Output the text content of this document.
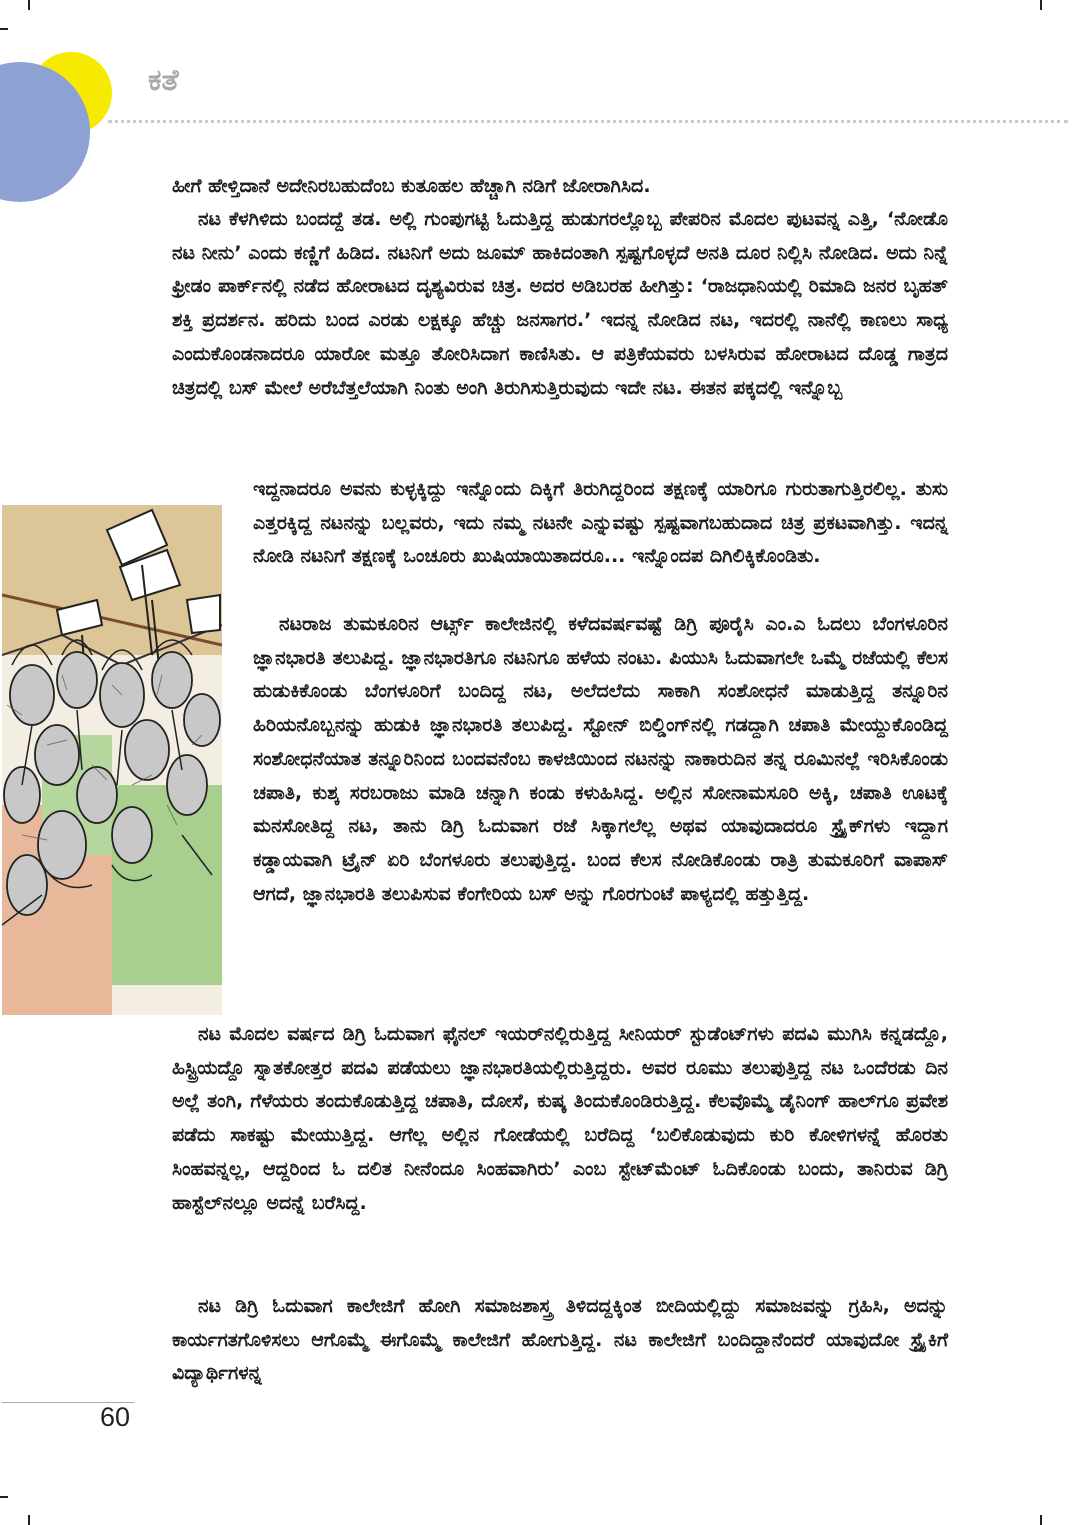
ಕತೆ

ಹೀಗೆ ಹೇಳ್ತಿದಾನೆ ಅದೇನಿರಬಹುದೆಂಬ ಕುತೂಹಲ ಹೆಚ್ಚಾಗಿ ನಡಿಗೆ ಜೋರಾಗಿಸಿದ.

ನಟ ಕೆಳಗಿಳಿದು ಬಂದದ್ದೆ ತಡ. ಅಲ್ಲಿ ಗುಂಪುಗಟ್ಟಿ ಓದುತ್ತಿದ್ದ ಹುಡುಗರಲ್ಲೊಬ್ಬ ಪೇಪರಿನ ಮೊದಲ ಪುಟವನ್ನ ಎತ್ತಿ, ‘ನೋಡೊ ನಟ ನೀನು’ ಎಂದು ಕಣ್ಣಿಗೆ ಹಿಡಿದ. ನಟನಿಗೆ ಅದು ಜೂಮ್ ಹಾಕಿದಂತಾಗಿ ಸ್ಪಷ್ಟಗೊಳ್ಳದೆ ಅನತಿ ದೂರ ನಿಲ್ಲಿಸಿ ನೋಡಿದ. ಅದು ನಿನ್ನೆ ಫ್ರೀಡಂ ಪಾರ್ಕ್‌ನಲ್ಲಿ ನಡೆದ ಹೋರಾಟದ ದೃಶ್ಯವಿರುವ ಚಿತ್ರ. ಅದರ ಅಡಿಬರಹ ಹೀಗಿತ್ತು: ‘ರಾಜಧಾನಿಯಲ್ಲಿ ರಿಮಾದಿ ಜನರ ಬೃಹತ್ ಶಕ್ತಿ ಪ್ರದರ್ಶನ. ಹರಿದು ಬಂದ ಎರಡು ಲಕ್ಷಕ್ಕೂ ಹೆಚ್ಚು ಜನಸಾಗರ.’ ಇದನ್ನ ನೋಡಿದ ನಟ, ಇದರಲ್ಲಿ ನಾನೆಲ್ಲಿ ಕಾಣಲು ಸಾಧ್ಯ ಎಂದುಕೊಂಡನಾದರೂ ಯಾರೋ ಮತ್ತೂ ತೋರಿಸಿದಾಗ ಕಾಣಿಸಿತು. ಆ ಪತ್ರಿಕೆಯವರು ಬಳಸಿರುವ ಹೋರಾಟದ ದೊಡ್ಡ ಗಾತ್ರದ ಚಿತ್ರದಲ್ಲಿ ಬಸ್ ಮೇಲೆ ಅರೆಬೆತ್ತಲೆಯಾಗಿ ನಿಂತು ಅಂಗಿ ತಿರುಗಿಸುತ್ತಿರುವುದು ಇದೇ ನಟ. ಈತನ ಪಕ್ಕದಲ್ಲಿ ಇನ್ನೊಬ್ಬ

ಇದ್ದನಾದರೂ ಅವನು ಕುಳ್ಳಕ್ಕಿದ್ದು ಇನ್ನೊಂದು ದಿಕ್ಕಿಗೆ ತಿರುಗಿದ್ದರಿಂದ ತಕ್ಷಣಕ್ಕೆ ಯಾರಿಗೂ ಗುರುತಾಗುತ್ತಿರಲಿಲ್ಲ. ತುಸು ಎತ್ತರಕ್ಕಿದ್ದ ನಟನನ್ನು ಬಲ್ಲವರು, ಇದು ನಮ್ಮ ನಟನೇ ಎನ್ನುವಷ್ಟು ಸ್ಪಷ್ಟವಾಗಬಹುದಾದ ಚಿತ್ರ ಪ್ರಕಟವಾಗಿತ್ತು. ಇದನ್ನ ನೋಡಿ ನಟನಿಗೆ ತಕ್ಷಣಕ್ಕೆ ಒಂಚೂರು ಖುಷಿಯಾಯಿತಾದರೂ... ಇನ್ನೊಂದಪ ದಿಗಿಲಿಕ್ಕಿಕೊಂಡಿತು.

ನಟರಾಜ ತುಮಕೂರಿನ ಆರ್ಟ್ಸ್ ಕಾಲೇಜಿನಲ್ಲಿ ಕಳೆದವರ್ಷವಷ್ಟೆ ಡಿಗ್ರಿ ಪೂರೈಸಿ ಎಂ.ಎ ಓದಲು ಬೆಂಗಳೂರಿನ ಜ್ಞಾನಭಾರತಿ ತಲುಪಿದ್ದ. ಜ್ಞಾನಭಾರತಿಗೂ ನಟನಿಗೂ ಹಳೆಯ ನಂಟು. ಪಿಯುಸಿ ಓದುವಾಗಲೇ ಒಮ್ಮೆ ರಜೆಯಲ್ಲಿ ಕೆಲಸ ಹುಡುಕಿಕೊಂಡು ಬೆಂಗಳೂರಿಗೆ ಬಂದಿದ್ದ ನಟ, ಅಲೆದಲೆದು ಸಾಕಾಗಿ ಸಂಶೋಧನೆ ಮಾಡುತ್ತಿದ್ದ ತನ್ನೂರಿನ ಹಿರಿಯನೊಬ್ಬನನ್ನು ಹುಡುಕಿ ಜ್ಞಾನಭಾರತಿ ತಲುಪಿದ್ದ. ಸ್ಟೋನ್ ಬಿಲ್ಡಿಂಗ್‌ನಲ್ಲಿ ಗಡದ್ದಾಗಿ ಚಪಾತಿ ಮೇಯ್ದುಕೊಂಡಿದ್ದ ಸಂಶೋಧನೆಯಾತ ತನ್ನೂರಿನಿಂದ ಬಂದವನೆಂಬ ಕಾಳಜಿಯಿಂದ ನಟನನ್ನು ನಾಕಾರುದಿನ ತನ್ನ ರೂಮಿನಲ್ಲೆ ಇರಿಸಿಕೊಂಡು ಚಪಾತಿ, ಕುಶ್ಕ ಸರಬರಾಜು ಮಾಡಿ ಚನ್ನಾಗಿ ಕಂಡು ಕಳುಹಿಸಿದ್ದ. ಅಲ್ಲಿನ ಸೋನಾಮಸೂರಿ ಅಕ್ಕಿ, ಚಪಾತಿ ಊಟಕ್ಕೆ ಮನಸೋತಿದ್ದ ನಟ, ತಾನು ಡಿಗ್ರಿ ಓದುವಾಗ ರಜೆ ಸಿಕ್ಕಾಗಲೆಲ್ಲ ಅಥವ ಯಾವುದಾದರೂ ಸ್ಟ್ರೈಕ್‌ಗಳು ಇದ್ದಾಗ ಕಡ್ಡಾಯವಾಗಿ ಟ್ರೈನ್ ಏರಿ ಬೆಂಗಳೂರು ತಲುಪುತ್ತಿದ್ದ. ಬಂದ ಕೆಲಸ ನೋಡಿಕೊಂಡು ರಾತ್ರಿ ತುಮಕೂರಿಗೆ ವಾಪಾಸ್ ಆಗದೆ, ಜ್ಞಾನಭಾರತಿ ತಲುಪಿಸುವ ಕೆಂಗೇರಿಯ ಬಸ್ ಅನ್ನು ಗೊರಗುಂಟೆ ಪಾಳ್ಯದಲ್ಲಿ ಹತ್ತುತ್ತಿದ್ದ.

ನಟ ಮೊದಲ ವರ್ಷದ ಡಿಗ್ರಿ ಓದುವಾಗ ಫೈನಲ್ ಇಯರ್‌ನಲ್ಲಿರುತ್ತಿದ್ದ ಸೀನಿಯರ್ ಸ್ಟುಡೆಂಟ್‌ಗಳು ಪದವಿ ಮುಗಿಸಿ ಕನ್ನಡದ್ದೊ, ಹಿಸ್ಟ್ರಿಯದ್ದೊ ಸ್ನಾತಕೋತ್ತರ ಪದವಿ ಪಡೆಯಲು ಜ್ಞಾನಭಾರತಿಯಲ್ಲಿರುತ್ತಿದ್ದರು. ಅವರ ರೂಮು ತಲುಪುತ್ತಿದ್ದ ನಟ ಒಂದೆರಡು ದಿನ ಅಲ್ಲೆ ತಂಗಿ, ಗೆಳೆಯರು ತಂದುಕೊಡುತ್ತಿದ್ದ ಚಪಾತಿ, ದೋಸೆ, ಕುಷ್ಕ ತಿಂದುಕೊಂಡಿರುತ್ತಿದ್ದ. ಕೆಲವೊಮ್ಮೆ ಡೈನಿಂಗ್ ಹಾಲ್‌ಗೂ ಪ್ರವೇಶ ಪಡೆದು ಸಾಕಷ್ಟು ಮೇಯುತ್ತಿದ್ದ. ಆಗೆಲ್ಲ ಅಲ್ಲಿನ ಗೋಡೆಯಲ್ಲಿ ಬರೆದಿದ್ದ ‘ಬಲಿಕೊಡುವುದು ಕುರಿ ಕೋಳಿಗಳನ್ನೆ ಹೊರತು ಸಿಂಹವನ್ನಲ್ಲ, ಆದ್ದರಿಂದ ಓ ದಲಿತ ನೀನೆಂದೂ ಸಿಂಹವಾಗಿರು’ ಎಂಬ ಸ್ಟೇಟ್‌ಮೆಂಟ್ ಓದಿಕೊಂಡು ಬಂದು, ತಾನಿರುವ ಡಿಗ್ರಿ ಹಾಸ್ಟೆಲ್‌ನಲ್ಲೂ ಅದನ್ನೆ ಬರೆಸಿದ್ದ.

ನಟ ಡಿಗ್ರಿ ಓದುವಾಗ ಕಾಲೇಜಿಗೆ ಹೋಗಿ ಸಮಾಜಶಾಸ್ತ್ರ ತಿಳಿದದ್ದಕ್ಕಿಂತ ಬೀದಿಯಲ್ಲಿದ್ದು ಸಮಾಜವನ್ನು ಗ್ರಹಿಸಿ, ಅದನ್ನು ಕಾರ್ಯಗತಗೊಳಿಸಲು ಆಗೊಮ್ಮೆ ಈಗೊಮ್ಮೆ ಕಾಲೇಜಿಗೆ ಹೋಗುತ್ತಿದ್ದ. ನಟ ಕಾಲೇಜಿಗೆ ಬಂದಿದ್ದಾನೆಂದರೆ ಯಾವುದೋ ಸ್ಟ್ರೈಕಿಗೆ ವಿದ್ಯಾರ್ಥಿಗಳನ್ನ

60
